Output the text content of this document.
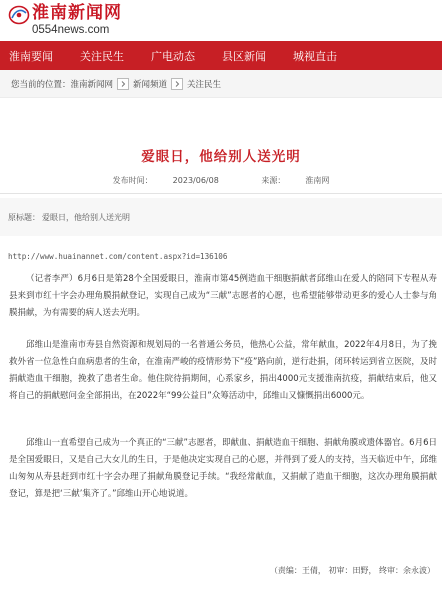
淮南新闻网
0554news.com
淮南要闻 关注民生 广电动态 县区新闻 城视直击
您当前的位置： 淮南新闻网 新闻频道 关注民生
爱眼日，他给别人送光明
发布时间：	2023/06/08	来源：	淮南网
原标题： 爱眼日，他给别人送光明
http://www.huainannet.com/content.aspx?id=136106

（记者李严）6月6日是第28个全国爱眼日，淮南市第45例造血干细胞捐献者邱维山在爱人的陪同下专程从寿县来到市红十字会办理角膜捐献登记，实现自己成为“三献”志愿者的心愿，也希望能够带动更多的爱心人士参与角膜捐献，为有需要的病人送去光明。

邱维山是淮南市寿县自然资源和规划局的一名普通公务员，他热心公益，常年献血，2022年4月8日，为了挽救外省一位急性白血病患者的生命，在淮南严峻的疫情形势下“疫”路向前，逆行赴捐，闭环转运到省立医院，及时捐献造血干细胞，挽救了患者生命。他住院待捐期间，心系家乡，捐出4000元支援淮南抗疫，捐献结束后，他又将自己的捐献慰问金全部捐出，在2022年“99公益日”众筹活动中，邱维山又慷慨捐出6000元。

邱维山一直希望自己成为一个真正的“三献”志愿者，即献血、捐献造血干细胞、捐献角膜或遗体器官。6月6日是全国爱眼日，又是自己大女儿的生日，于是他决定实现自己的心愿，并得到了爱人的支持，当天临近中午，邱维山匆匆从寿县赶到市红十字会办理了捐献角膜登记手续。“我经常献血，又捐献了造血干细胞，这次办理角膜捐献登记，算是把‘三献’集齐了。”邱维山开心地说道。

（责编：王倩， 初审：田野， 终审：余永波）
